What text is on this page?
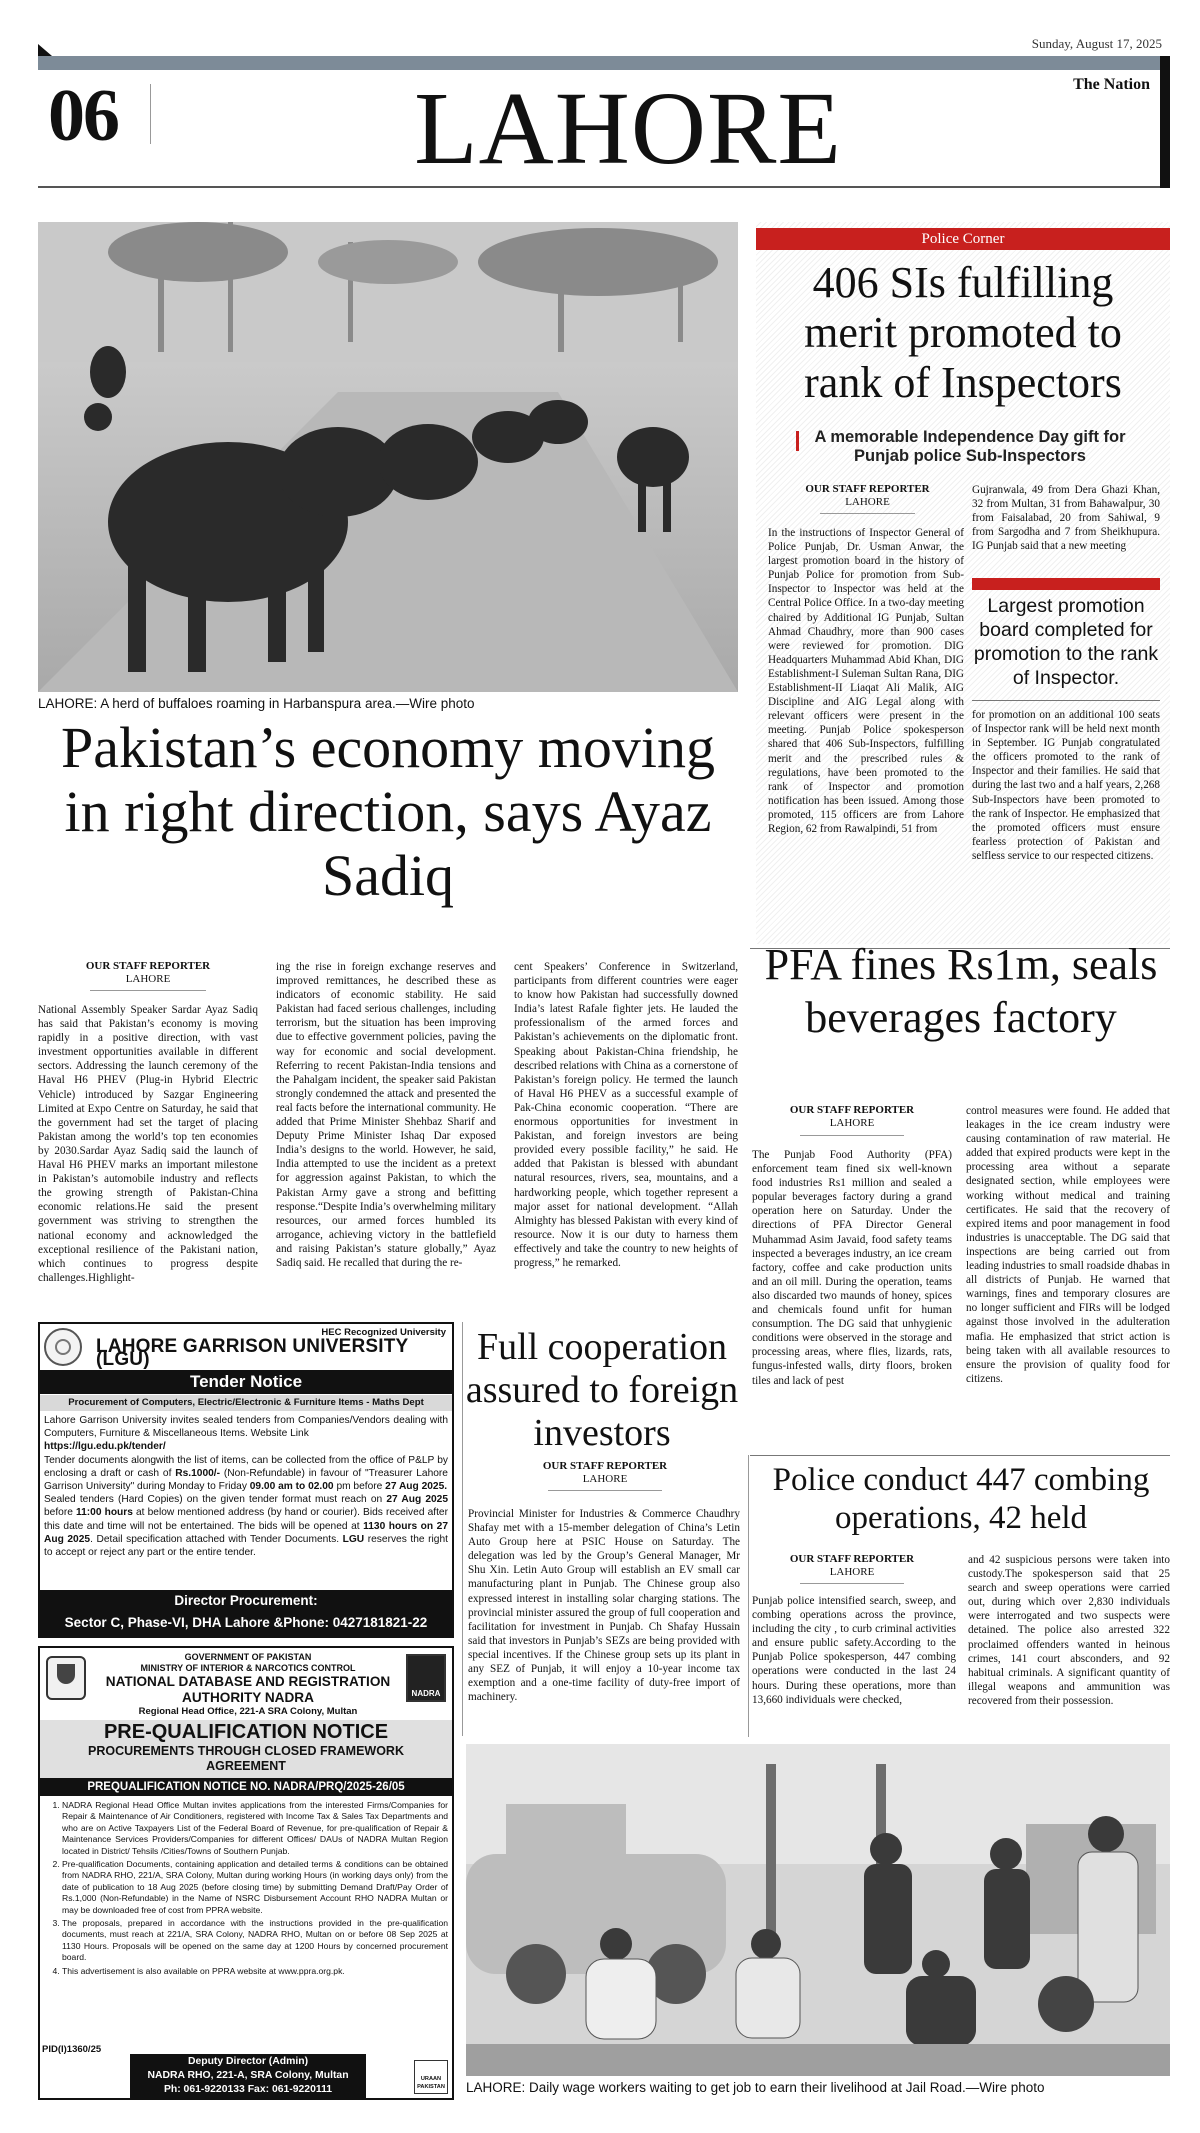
Sunday, August 17, 2025
06	LAHORE	The Nation
LAHORE: A herd of buffaloes roaming in Harbanspura area.—Wire photo
Pakistan’s economy moving in right direction, says Ayaz Sadiq
OUR STAFF REPORTER
LAHORE
National Assembly Speaker Sardar Ayaz Sadiq has said that Pakistan’s economy is moving rapidly in a positive direction, with vast investment opportunities available in different sectors. Addressing the launch ceremony of the Haval H6 PHEV (Plug-in Hybrid Electric Vehicle) introduced by Sazgar Engineering Limited at Expo Centre on Saturday, he said that the government had set the target of placing Pakistan among the world’s top ten economies by 2030.Sardar Ayaz Sadiq said the launch of Haval H6 PHEV marks an important milestone in Pakistan’s automobile industry and reflects the growing strength of Pakistan-China economic relations.He said the present government was striving to strengthen the national economy and acknowledged the exceptional resilience of the Pakistani nation, which continues to progress despite challenges.Highlight-
ing the rise in foreign exchange reserves and improved remittances, he described these as indicators of economic stability. He said Pakistan had faced serious challenges, including terrorism, but the situation has been improving due to effective government policies, paving the way for economic and social development. Referring to recent Pakistan-India tensions and the Pahalgam incident, the speaker said Pakistan strongly condemned the attack and presented the real facts before the international community. He added that Prime Minister Shehbaz Sharif and Deputy Prime Minister Ishaq Dar exposed India’s designs to the world. However, he said, India attempted to use the incident as a pretext for aggression against Pakistan, to which the Pakistan Army gave a strong and befitting response.“Despite India’s overwhelming military resources, our armed forces humbled its arrogance, achieving victory in the battlefield and raising Pakistan’s stature globally,” Ayaz Sadiq said. He recalled that during the re-
cent Speakers’ Conference in Switzerland, participants from different countries were eager to know how Pakistan had successfully downed India’s latest Rafale fighter jets. He lauded the professionalism of the armed forces and Pakistan’s achievements on the diplomatic front. Speaking about Pakistan-China friendship, he described relations with China as a cornerstone of Pakistan’s foreign policy. He termed the launch of Haval H6 PHEV as a successful example of Pak-China economic cooperation. “There are enormous opportunities for investment in Pakistan, and foreign investors are being provided every possible facility,” he said. He added that Pakistan is blessed with abundant natural resources, rivers, sea, mountains, and a hardworking people, which together represent a major asset for national development. “Allah Almighty has blessed Pakistan with every kind of resource. Now it is our duty to harness them effectively and take the country to new heights of progress,” he remarked.
Police Corner
406 SIs fulfilling merit promoted to rank of Inspectors
A memorable Independence Day gift for Punjab police Sub-Inspectors
OUR STAFF REPORTER
LAHORE
In the instructions of Inspector General of Police Punjab, Dr. Usman Anwar, the largest promotion board in the history of Punjab Police for promotion from Sub-Inspector to Inspector was held at the Central Police Office. In a two-day meeting chaired by Additional IG Punjab, Sultan Ahmad Chaudhry, more than 900 cases were reviewed for promotion. DIG Headquarters Muhammad Abid Khan, DIG Establishment-I Suleman Sultan Rana, DIG Establishment-II Liaqat Ali Malik, AIG Discipline and AIG Legal along with relevant officers were present in the meeting. Punjab Police spokesperson shared that 406 Sub-Inspectors, fulfilling merit and the prescribed rules & regulations, have been promoted to the rank of Inspector and promotion notification has been issued. Among those promoted, 115 officers are from Lahore Region, 62 from Rawalpindi, 51 from
Gujranwala, 49 from Dera Ghazi Khan, 32 from Multan, 31 from Bahawalpur, 30 from Faisalabad, 20 from Sahiwal, 9 from Sargodha and 7 from Sheikhupura. IG Punjab said that a new meeting
Largest promotion board completed for promotion to the rank of Inspector.
for promotion on an additional 100 seats of Inspector rank will be held next month in September. IG Punjab congratulated the officers promoted to the rank of Inspector and their families. He said that during the last two and a half years, 2,268 Sub-Inspectors have been promoted to the rank of Inspector. He emphasized that the promoted officers must ensure fearless protection of Pakistan and selfless service to our respected citizens.
PFA fines Rs1m, seals beverages factory
OUR STAFF REPORTER
LAHORE
The Punjab Food Authority (PFA) enforcement team fined six well-known food industries Rs1 million and sealed a popular beverages factory during a grand operation here on Saturday. Under the directions of PFA Director General Muhammad Asim Javaid, food safety teams inspected a beverages industry, an ice cream factory, coffee and cake production units and an oil mill. During the operation, teams also discarded two maunds of honey, spices and chemicals found unfit for human consumption. The DG said that unhygienic conditions were observed in the storage and processing areas, where flies, lizards, rats, fungus-infested walls, dirty floors, broken tiles and lack of pest
control measures were found. He added that leakages in the ice cream industry were causing contamination of raw material. He added that expired products were kept in the processing area without a separate designated section, while employees were working without medical and training certificates. He said that the recovery of expired items and poor management in food industries is unacceptable. The DG said that inspections are being carried out from leading industries to small roadside dhabas in all districts of Punjab. He warned that warnings, fines and temporary closures are no longer sufficient and FIRs will be lodged against those involved in the adulteration mafia. He emphasized that strict action is being taken with all available resources to ensure the provision of quality food for citizens.
Full cooperation assured to foreign investors
OUR STAFF REPORTER
LAHORE
Provincial Minister for Industries & Commerce Chaudhry Shafay met with a 15-member delegation of China’s Letin Auto Group here at PSIC House on Saturday. The delegation was led by the Group’s General Manager, Mr Shu Xin. Letin Auto Group will establish an EV small car manufacturing plant in Punjab. The Chinese group also expressed interest in installing solar charging stations. The provincial minister assured the group of full cooperation and facilitation for investment in Punjab. Ch Shafay Hussain said that investors in Punjab’s SEZs are being provided with special incentives. If the Chinese group sets up its plant in any SEZ of Punjab, it will enjoy a 10-year income tax exemption and a one-time facility of duty-free import of machinery.
Police conduct 447 combing operations, 42 held
OUR STAFF REPORTER
LAHORE
Punjab police intensified search, sweep, and combing operations across the province, including the city , to curb criminal activities and ensure public safety.According to the Punjab Police spokesperson, 447 combing operations were conducted in the last 24 hours. During these operations, more than 13,660 individuals were checked,
and 42 suspicious persons were taken into custody.The spokesperson said that 25 search and sweep operations were carried out, during which over 2,830 individuals were interrogated and two suspects were detained. The police also arrested 322 proclaimed offenders wanted in heinous crimes, 141 court absconders, and 92 habitual criminals. A significant quantity of illegal weapons and ammunition was recovered from their possession.
LAHORE: Daily wage workers waiting to get job to earn their livelihood at Jail Road.—Wire photo
HEC Recognized University
LAHORE GARRISON UNIVERSITY (LGU)
Tender Notice
Procurement of Computers, Electric/Electronic & Furniture Items - Maths Dept
Lahore Garrison University invites sealed tenders from Companies/Vendors dealing with Computers, Furniture & Miscellaneous Items. Website Link
https://lgu.edu.pk/tender/
Tender documents alongwith the list of items, can be collected from the office of P&LP by enclosing a draft or cash of Rs.1000/- (Non-Refundable) in favour of "Treasurer Lahore Garrison University" during Monday to Friday 09.00 am to 02.00 pm before 27 Aug 2025.
Sealed tenders (Hard Copies) on the given tender format must reach on 27 Aug 2025 before 11:00 hours at below mentioned address (by hand or courier). Bids received after this date and time will not be entertained. The bids will be opened at 1130 hours on 27 Aug 2025. Detail specification attached with Tender Documents. LGU reserves the right to accept or reject any part or the entire tender.
Director Procurement:
Sector C, Phase-VI, DHA Lahore &Phone: 0427181821-22
NADRA
GOVERNMENT OF PAKISTAN
MINISTRY OF INTERIOR & NARCOTICS CONTROL
NATIONAL DATABASE AND REGISTRATION
AUTHORITY NADRA
Regional Head Office, 221-A SRA Colony, Multan
PRE-QUALIFICATION NOTICE
PROCUREMENTS THROUGH CLOSED FRAMEWORK AGREEMENT
PREQUALIFICATION NOTICE NO. NADRA/PRQ/2025-26/05
1. NADRA Regional Head Office Multan invites applications from the interested Firms/Companies for Repair & Maintenance of Air Conditioners, registered with Income Tax & Sales Tax Departments and who are on Active Taxpayers List of the Federal Board of Revenue, for pre-qualification of Repair & Maintenance Services Providers/Companies for different Offices/ DAUs of NADRA Multan Region located in District/ Tehsils /Cities/Towns of Southern Punjab.
2. Pre-qualification Documents, containing application and detailed terms & conditions can be obtained from NADRA RHO, 221/A, SRA Colony, Multan during working Hours (in working days only) from the date of publication to 18 Aug 2025 (before closing time) by submitting Demand Draft/Pay Order of Rs.1,000 (Non-Refundable) in the Name of NSRC Disbursement Account RHO NADRA Multan or may be downloaded free of cost from PPRA website.
3. The proposals, prepared in accordance with the instructions provided in the pre-qualification documents, must reach at 221/A, SRA Colony, NADRA RHO, Multan on or before 08 Sep 2025 at 1130 Hours. Proposals will be opened on the same day at 1200 Hours by concerned procurement board.
4. This advertisement is also available on PPRA website at www.ppra.org.pk.
PID(I)1360/25
Deputy Director (Admin)
NADRA RHO, 221-A, SRA Colony, Multan
Ph: 061-9220133 Fax: 061-9220111
URAAN PAKISTAN
